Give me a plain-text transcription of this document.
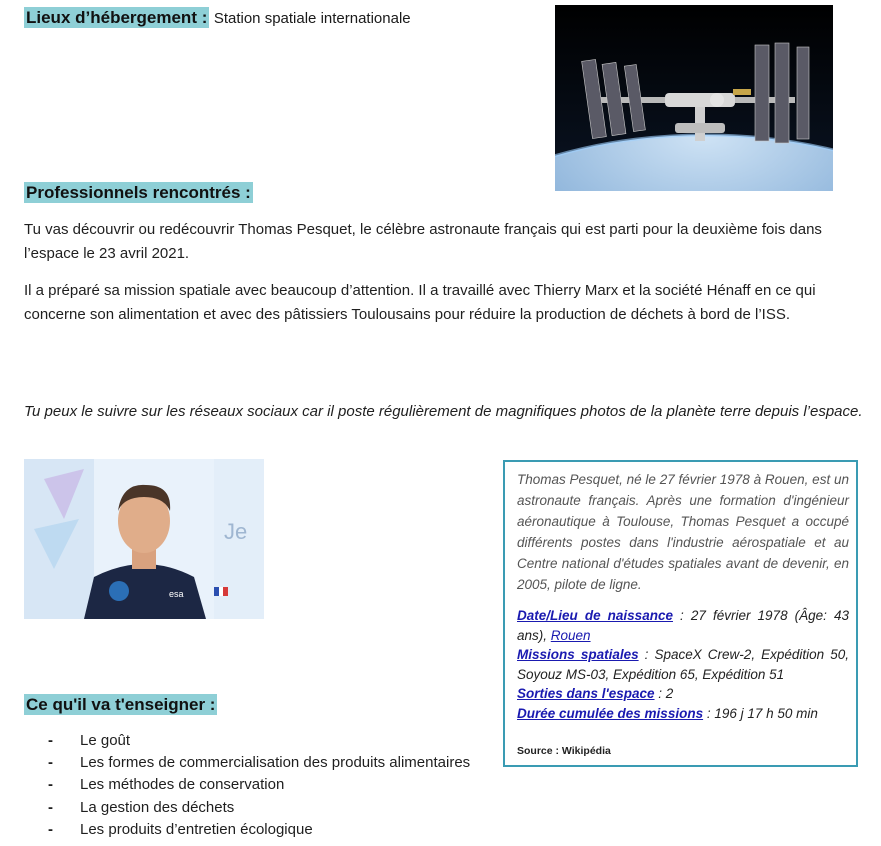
Lieux d’hébergement : Station spatiale internationale
Professionnels rencontrés :
Tu vas découvrir ou redécouvrir Thomas Pesquet, le célèbre astronaute français qui est parti pour la deuxième fois dans l’espace le 23 avril 2021.
Il a préparé sa mission spatiale avec beaucoup d’attention. Il a travaillé avec Thierry Marx et la société Hénaff en ce qui concerne son alimentation et avec des pâtissiers Toulousains pour réduire la production de déchets à bord de l’ISS.
Tu peux le suivre sur les réseaux sociaux car il poste régulièrement de magnifiques photos de la planète terre depuis l’espace.
Je
esa
Thomas Pesquet, né le 27 février 1978 à Rouen, est un astronaute français. Après une formation d'ingénieur aéronautique à Toulouse, Thomas Pesquet a occupé différents postes dans l'industrie aérospatiale et au Centre national d'études spatiales avant de devenir, en 2005, pilote de ligne.
Date/Lieu de naissance : 27 février 1978 (Âge: 43 ans), Rouen
Missions spatiales : SpaceX Crew-2, Expédition 50, Soyouz MS-03, Expédition 65, Expédition 51
Sorties dans l'espace : 2
Durée cumulée des missions : 196 j 17 h 50 min
Source : Wikipédia
Ce qu'il va t'enseigner :
- Le goût
- Les formes de commercialisation des produits alimentaires
- Les méthodes de conservation
- La gestion des déchets
- Les produits d’entretien écologique
